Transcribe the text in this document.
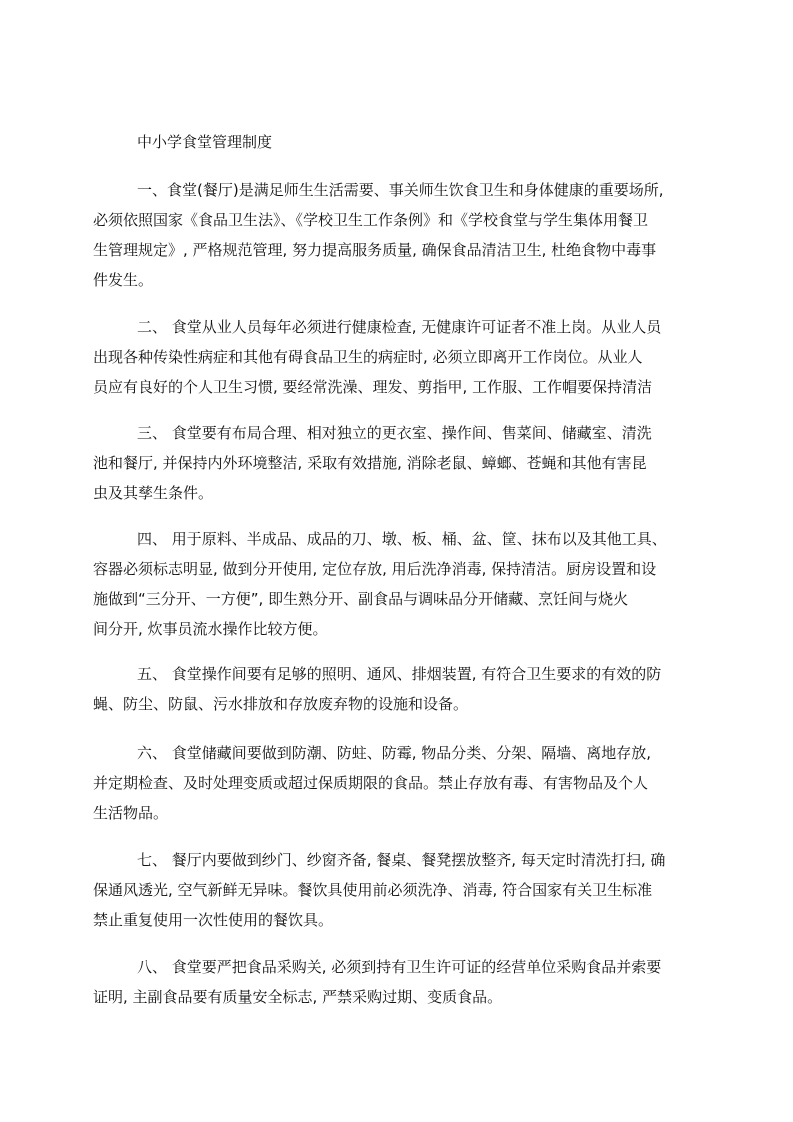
中小学食堂管理制度
一、食堂(餐厅)是满足师生生活需要、事关师生饮食卫生和身体健康的重要场所,
必须依照国家《食品卫生法》、《学校卫生工作条例》和《学校食堂与学生集体用餐卫
生管理规定》, 严格规范管理, 努力提高服务质量, 确保食品清洁卫生, 杜绝食物中毒事
件发生。
二、 食堂从业人员每年必须进行健康检查, 无健康许可证者不准上岗。从业人员
出现各种传染性病症和其他有碍食品卫生的病症时, 必须立即离开工作岗位。从业人
员应有良好的个人卫生习惯, 要经常洗澡、理发、剪指甲, 工作服、工作帽要保持清洁
三、 食堂要有布局合理、相对独立的更衣室、操作间、售菜间、储藏室、清洗
池和餐厅, 并保持内外环境整洁, 采取有效措施, 消除老鼠、蟑螂、苍蝇和其他有害昆
虫及其孳生条件。
四、 用于原料、半成品、成品的刀、墩、板、桶、盆、筐、抹布以及其他工具、
容器必须标志明显, 做到分开使用, 定位存放, 用后洗净消毒, 保持清洁。厨房设置和设
施做到“三分开、一方便”, 即生熟分开、副食品与调味品分开储藏、烹饪间与烧火
间分开, 炊事员流水操作比较方便。
五、 食堂操作间要有足够的照明、通风、排烟装置, 有符合卫生要求的有效的防
蝇、防尘、防鼠、污水排放和存放废弃物的设施和设备。
六、 食堂储藏间要做到防潮、防蛀、防霉, 物品分类、分架、隔墙、离地存放,
并定期检查、及时处理变质或超过保质期限的食品。禁止存放有毒、有害物品及个人
生活物品。
七、 餐厅内要做到纱门、纱窗齐备, 餐桌、餐凳摆放整齐, 每天定时清洗打扫, 确
保通风透光, 空气新鲜无异味。餐饮具使用前必须洗净、消毒, 符合国家有关卫生标准
禁止重复使用一次性使用的餐饮具。
八、 食堂要严把食品采购关, 必须到持有卫生许可证的经营单位采购食品并索要
证明, 主副食品要有质量安全标志, 严禁采购过期、变质食品。
